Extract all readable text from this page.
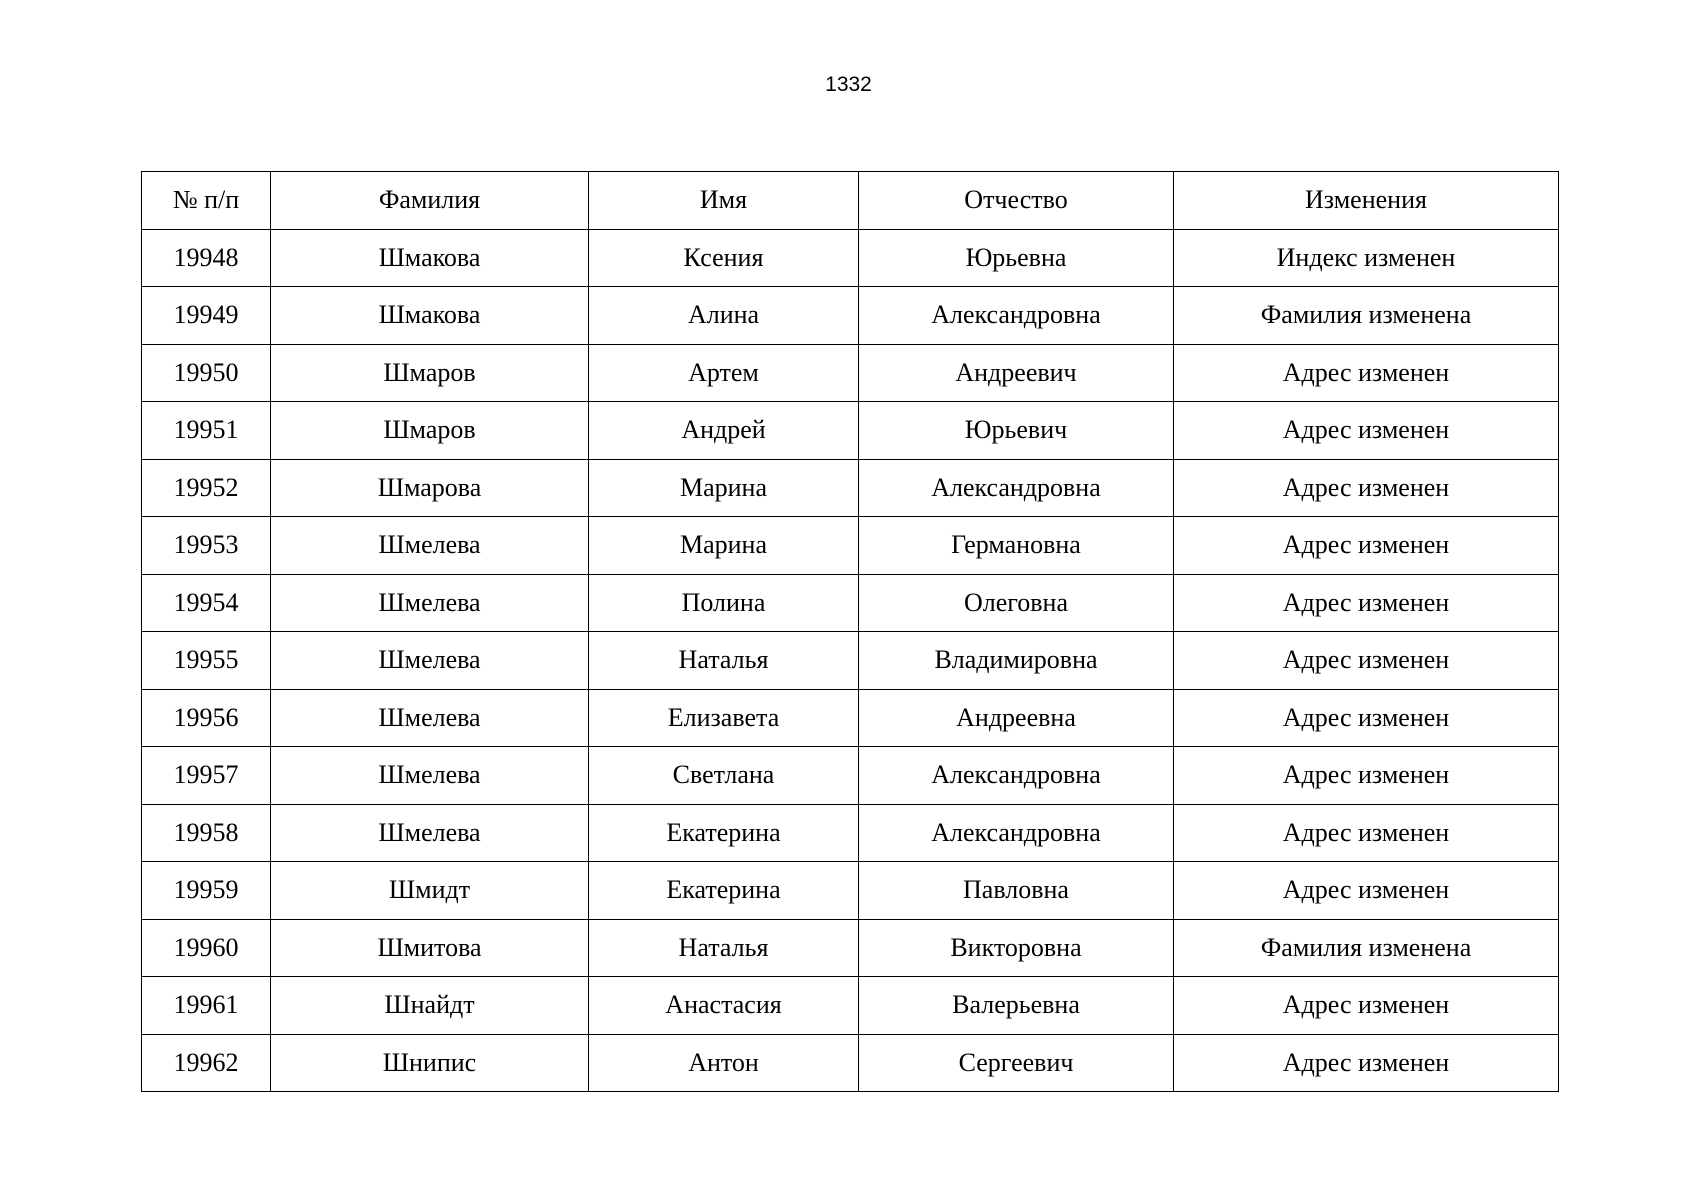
1332
№ п/п	Фамилия	Имя	Отчество	Изменения
19948	Шмакова	Ксения	Юрьевна	Индекс изменен
19949	Шмакова	Алина	Александровна	Фамилия изменена
19950	Шмаров	Артем	Андреевич	Адрес изменен
19951	Шмаров	Андрей	Юрьевич	Адрес изменен
19952	Шмарова	Марина	Александровна	Адрес изменен
19953	Шмелева	Марина	Германовна	Адрес изменен
19954	Шмелева	Полина	Олеговна	Адрес изменен
19955	Шмелева	Наталья	Владимировна	Адрес изменен
19956	Шмелева	Елизавета	Андреевна	Адрес изменен
19957	Шмелева	Светлана	Александровна	Адрес изменен
19958	Шмелева	Екатерина	Александровна	Адрес изменен
19959	Шмидт	Екатерина	Павловна	Адрес изменен
19960	Шмитова	Наталья	Викторовна	Фамилия изменена
19961	Шнайдт	Анастасия	Валерьевна	Адрес изменен
19962	Шнипис	Антон	Сергеевич	Адрес изменен
